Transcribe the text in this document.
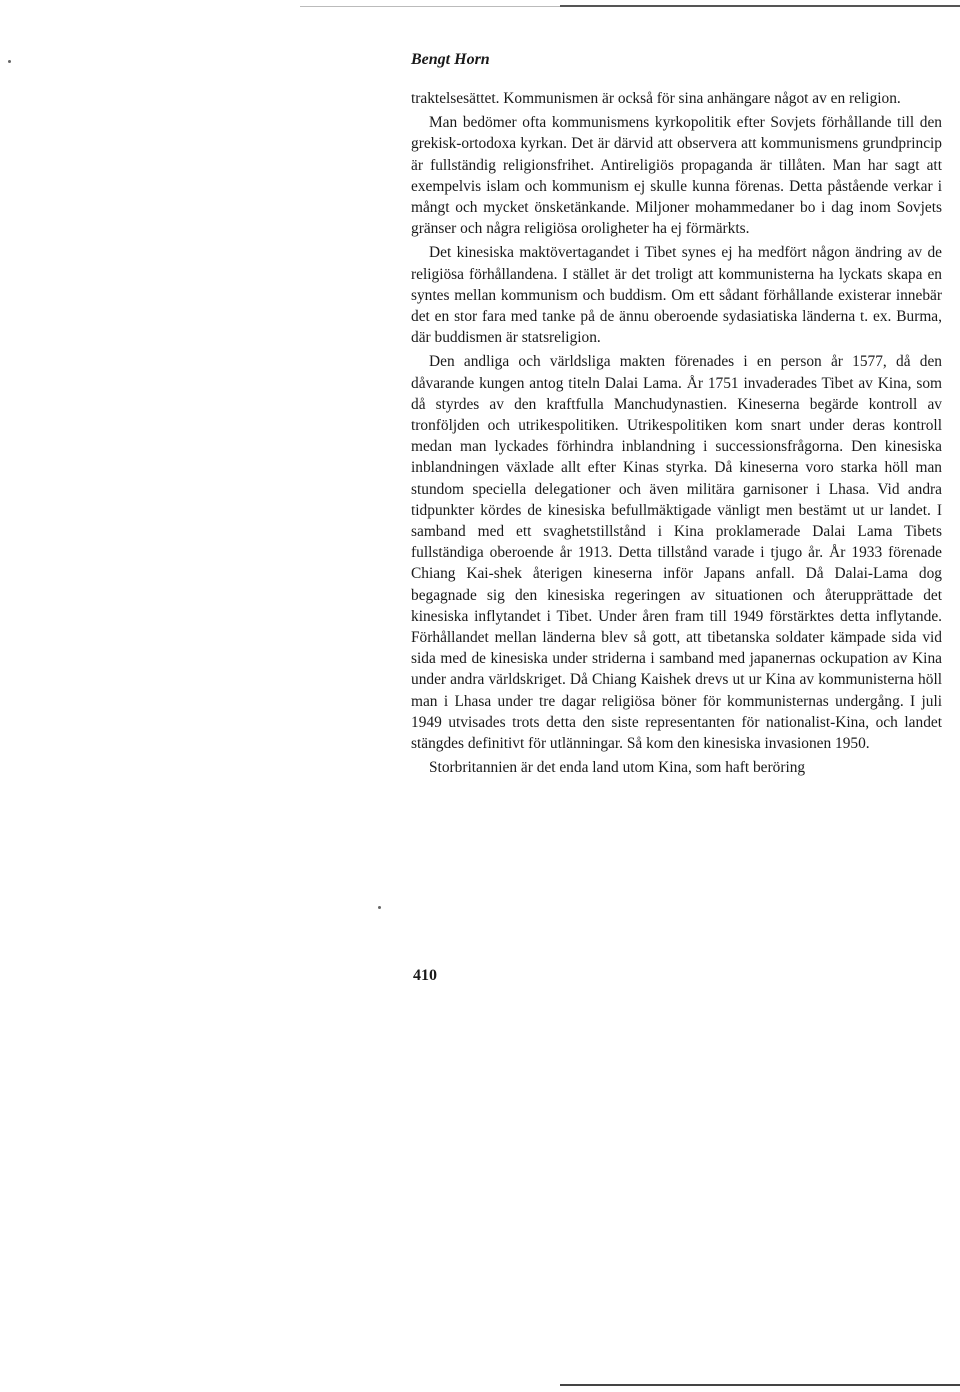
Bengt Horn

traktelsesättet. Kommunismen är också för sina anhängare något av en religion.

Man bedömer ofta kommunismens kyrkopolitik efter Sovjets förhållande till den grekisk-ortodoxa kyrkan. Det är därvid att observera att kommunismens grundprincip är fullständig religionsfrihet. Antireligiös propaganda är tillåten. Man har sagt att exempelvis islam och kommunism ej skulle kunna förenas. Detta påstående verkar i mångt och mycket önsketänkande. Miljoner mohammedaner bo i dag inom Sovjets gränser och några religiösa oroligheter ha ej förmärkts.

Det kinesiska maktövertagandet i Tibet synes ej ha medfört någon ändring av de religiösa förhållandena. I stället är det troligt att kommunisterna ha lyckats skapa en syntes mellan kommunism och buddism. Om ett sådant förhållande existerar innebär det en stor fara med tanke på de ännu oberoende sydasiatiska länderna t. ex. Burma, där buddismen är statsreligion.

Den andliga och världsliga makten förenades i en person år 1577, då den dåvarande kungen antog titeln Dalai Lama. År 1751 invaderades Tibet av Kina, som då styrdes av den kraftfulla Manchudynastien. Kineserna begärde kontroll av tronföljden och utrikespolitiken. Utrikespolitiken kom snart under deras kontroll medan man lyckades förhindra inblandning i successionsfrågorna. Den kinesiska inblandningen växlade allt efter Kinas styrka. Då kineserna voro starka höll man stundom speciella delegationer och även militära garnisoner i Lhasa. Vid andra tidpunkter kördes de kinesiska befullmäktigade vänligt men bestämt ut ur landet. I samband med ett svaghetstillstånd i Kina proklamerade Dalai Lama Tibets fullständiga oberoende år 1913. Detta tillstånd varade i tjugo år. År 1933 förenade Chiang Kai-shek återigen kineserna inför Japans anfall. Då Dalai-Lama dog begagnade sig den kinesiska regeringen av situationen och återupprättade det kinesiska inflytandet i Tibet. Under åren fram till 1949 förstärktes detta inflytande. Förhållandet mellan länderna blev så gott, att tibetanska soldater kämpade sida vid sida med de kinesiska under striderna i samband med japanernas ockupation av Kina under andra världskriget. Då Chiang Kaishek drevs ut ur Kina av kommunisterna höll man i Lhasa under tre dagar religiösa böner för kommunisternas undergång. I juli 1949 utvisades trots detta den siste representanten för nationalist-Kina, och landet stängdes definitivt för utlänningar. Så kom den kinesiska invasionen 1950.

Storbritannien är det enda land utom Kina, som haft beröring

410
